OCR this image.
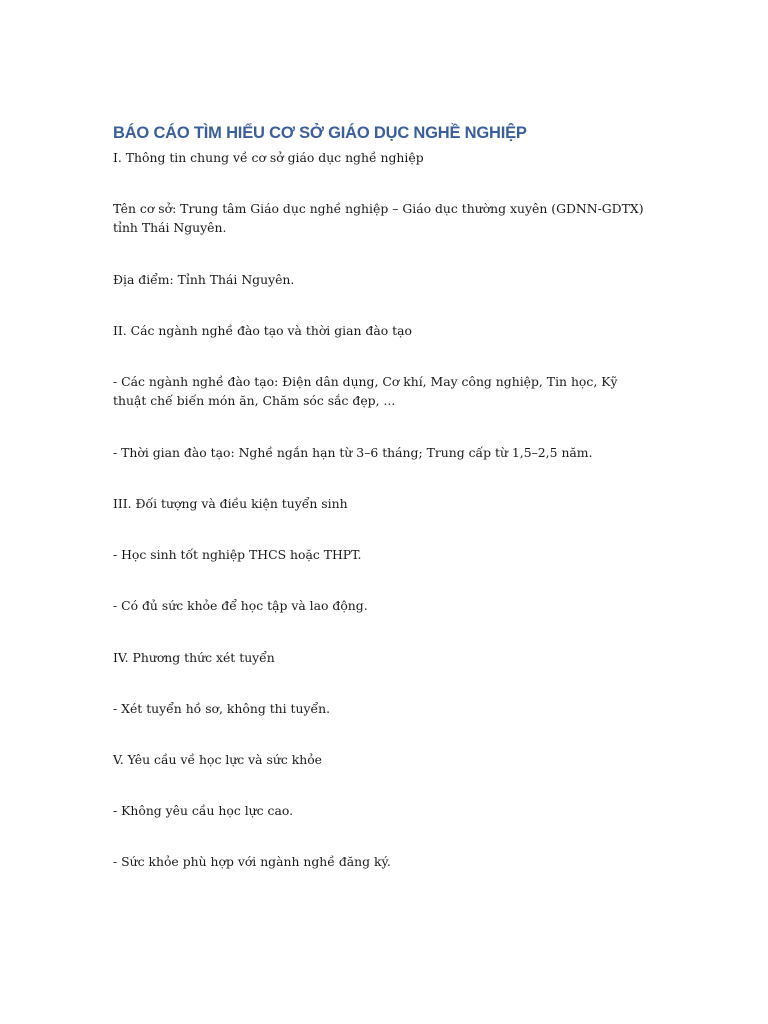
BÁO CÁO TÌM HIỂU CƠ SỞ GIÁO DỤC NGHỀ NGHIỆP

I. Thông tin chung về cơ sở giáo dục nghề nghiệp

Tên cơ sở: Trung tâm Giáo dục nghề nghiệp – Giáo dục thường xuyên (GDNN-GDTX) tỉnh Thái Nguyên.

Địa điểm: Tỉnh Thái Nguyên.

II. Các ngành nghề đào tạo và thời gian đào tạo

- Các ngành nghề đào tạo: Điện dân dụng, Cơ khí, May công nghiệp, Tin học, Kỹ thuật chế biến món ăn, Chăm sóc sắc đẹp, ...

- Thời gian đào tạo: Nghề ngắn hạn từ 3–6 tháng; Trung cấp từ 1,5–2,5 năm.

III. Đối tượng và điều kiện tuyển sinh

- Học sinh tốt nghiệp THCS hoặc THPT.

- Có đủ sức khỏe để học tập và lao động.

IV. Phương thức xét tuyển

- Xét tuyển hồ sơ, không thi tuyển.

V. Yêu cầu về học lực và sức khỏe

- Không yêu cầu học lực cao.

- Sức khỏe phù hợp với ngành nghề đăng ký.
